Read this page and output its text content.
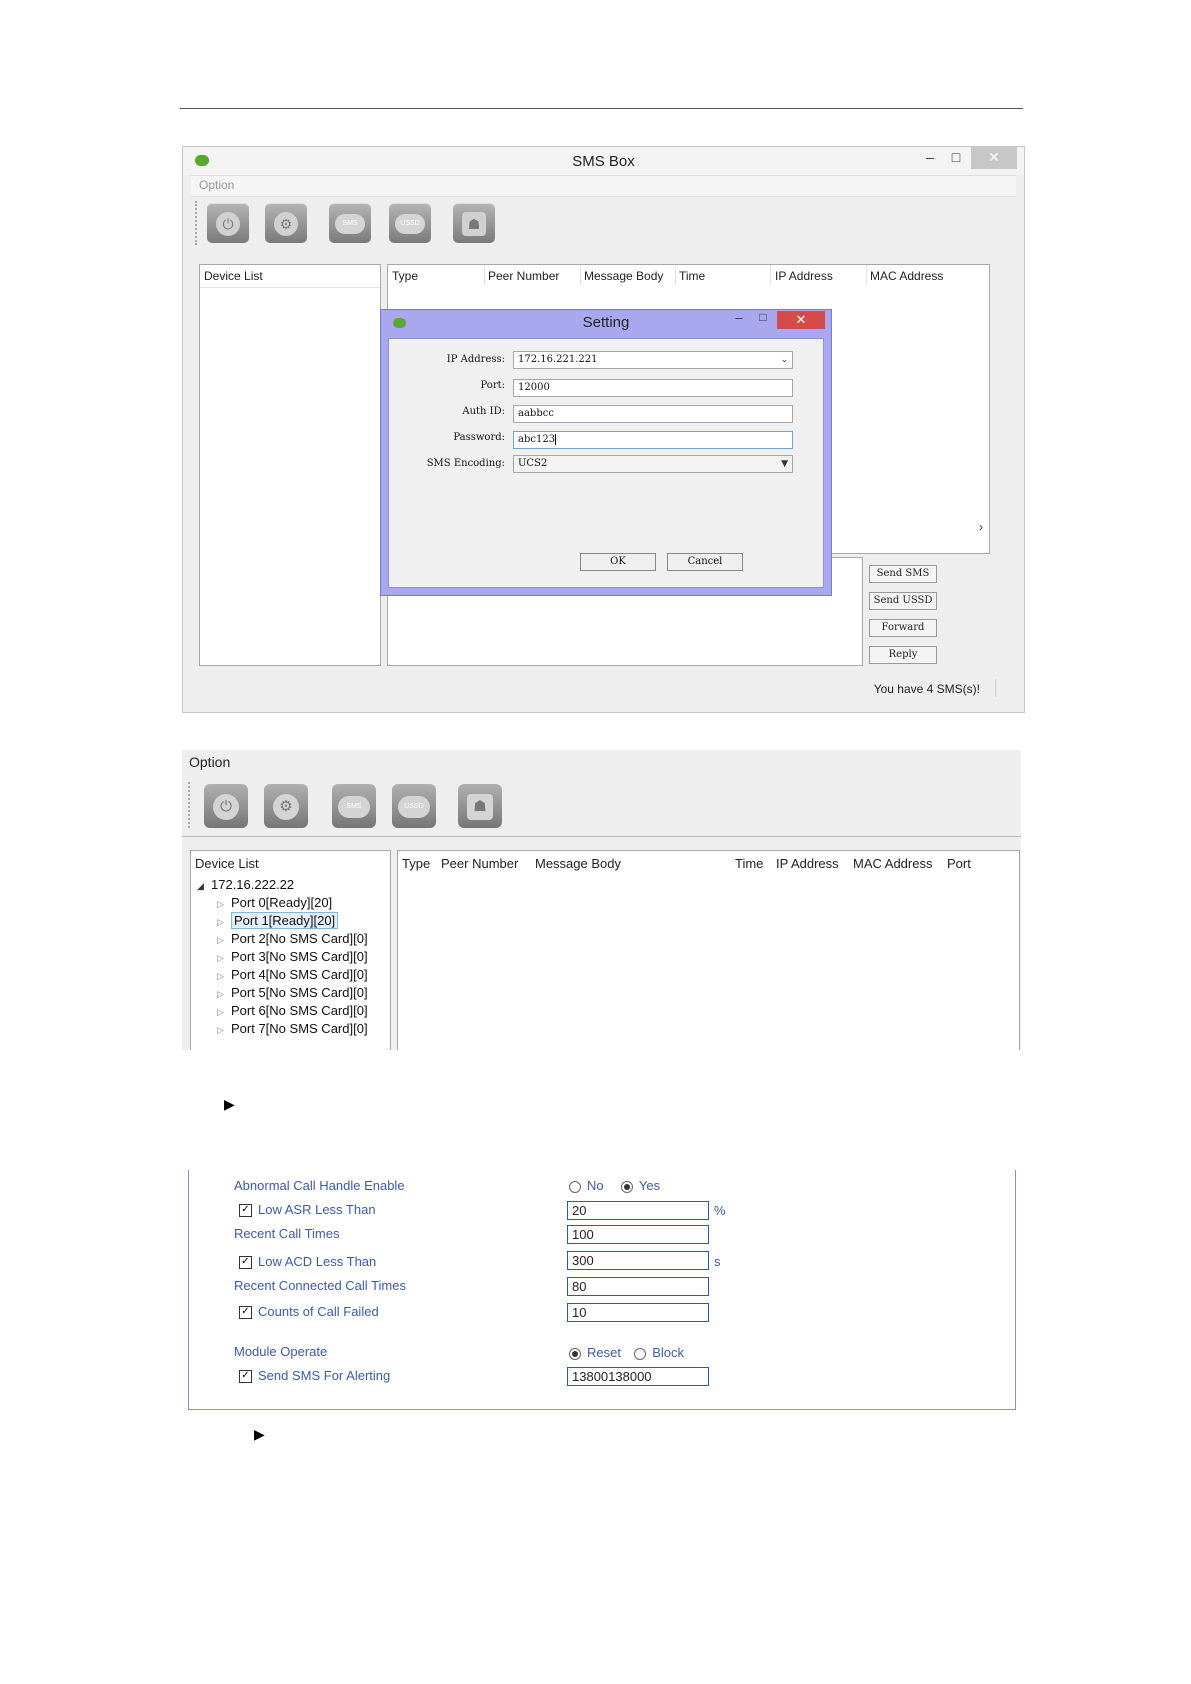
SMS Box	–	□	✕
Option
⏻	⚙	SMS	USSD	☗
Device List	Type	Peer Number Message Body Time	IP Address	MAC Address
›
Send SMS
Send USSD
Forward
Reply
You have 4 SMS(s)!
Setting	–	□	✕
IP Address:	172.16.221.221	⌄
Port:	12000
Auth ID:	aabbcc
Password:	abc123
SMS Encoding:	UCS2	▼
OK	Cancel
Option
⏻	⚙	SMS	USSD	☗
Device List
◢ 172.16.222.22
▷ Port 0[Ready][20]
▷ Port 1[Ready][20]
▷ Port 2[No SMS Card][0]
▷ Port 3[No SMS Card][0]
▷ Port 4[No SMS Card][0]
▷ Port 5[No SMS Card][0]
▷ Port 6[No SMS Card][0]
▷ Port 7[No SMS Card][0]
Type Peer Number Message Body	Time IP Address MAC Address Port
▶
Abnormal Call Handle Enable	No	Yes
✓ Low ASR Less Than	20	%
Recent Call Times	100
✓ Low ACD Less Than	300	s
Recent Connected Call Times	80
✓ Counts of Call Failed	10
Module Operate	Reset Block
✓ Send SMS For Alerting	13800138000
▶
